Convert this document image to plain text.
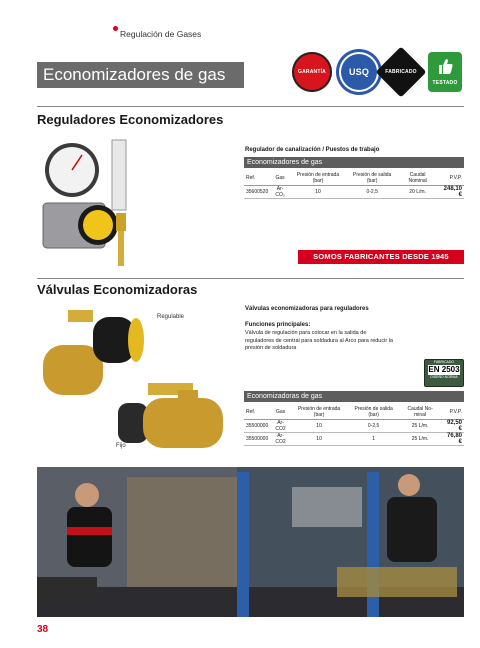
Regulación de Gases
Economizadores de gas	GARANTÍA	USQ	FABRICADO
TESTADO
Reguladores Economizadores
Regulador de canalización / Puestos de trabajo
Economizadores de gas
Ref.	Gas	Presión de entrada (bar)	Presión de salida (bar)	Caudal Nominal	P.V.P.
35600520	Ar-CO₂	10	0-2,5	20 L/m.	248,10 €
SOMOS FABRICANTES DESDE 1945
Válvulas Economizadoras
Regulable
Fijo
Válvulas economizadoras para reguladores
Funciones principales:
Válvula de regulación para colocar en la salida de reguladores de central para soldadura al Arco para reducir la presión de soldadura
FABRICADO
EN 2503
DISEÑO NORMA
Economizadoras de gas
Ref.	Gas	Presión de entrada (bar)	Presión de salida (bar)	Caudal No-minal	P.V.P.
35500000	Ar-CO2	10	0-2,5	25 L/m.	92,50 €
35500000	Ar-CO2	10	1	25 L/m.	76,80 €
38
